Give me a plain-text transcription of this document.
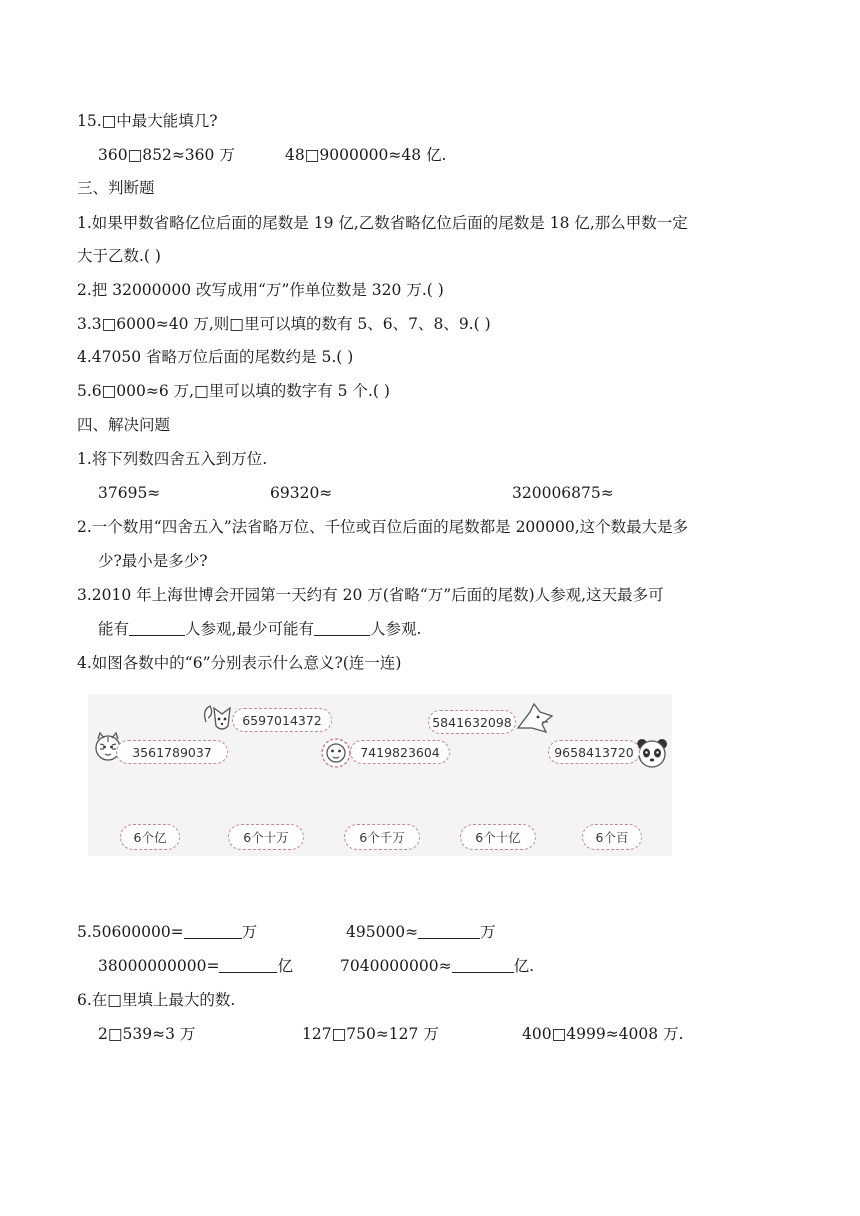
15.□中最大能填几?
360□852≈360 万	48□9000000≈48 亿.
三、判断题
1.如果甲数省略亿位后面的尾数是 19 亿,乙数省略亿位后面的尾数是 18 亿,那么甲数一定
大于乙数.( )
2.把 32000000 改写成用“万”作单位数是 320 万.( )
3.3□6000≈40 万,则□里可以填的数有 5、6、7、8、9.( )
4.47050 省略万位后面的尾数约是 5.( )
5.6□000≈6 万,□里可以填的数字有 5 个.( )
四、解决问题
1.将下列数四舍五入到万位.
37695≈	69320≈	320006875≈
2.一个数用“四舍五入”法省略万位、千位或百位后面的尾数都是 200000,这个数最大是多
少?最小是多少?
3.2010 年上海世博会开园第一天约有 20 万(省略“万”后面的尾数)人参观,这天最多可
能有	人参观,最少可能有	人参观.
4.如图各数中的“6”分别表示什么意义?(连一连)
3561789037
6597014372
7419823604
5841632098
9658413720
6个亿	6个十万	6个千万	6个十亿	6个百
5.50600000=	万	495000≈	万
38000000000=	亿	7040000000≈	亿.
6.在□里填上最大的数.
2□539≈3 万	127□750≈127 万	400□4999≈4008 万.
